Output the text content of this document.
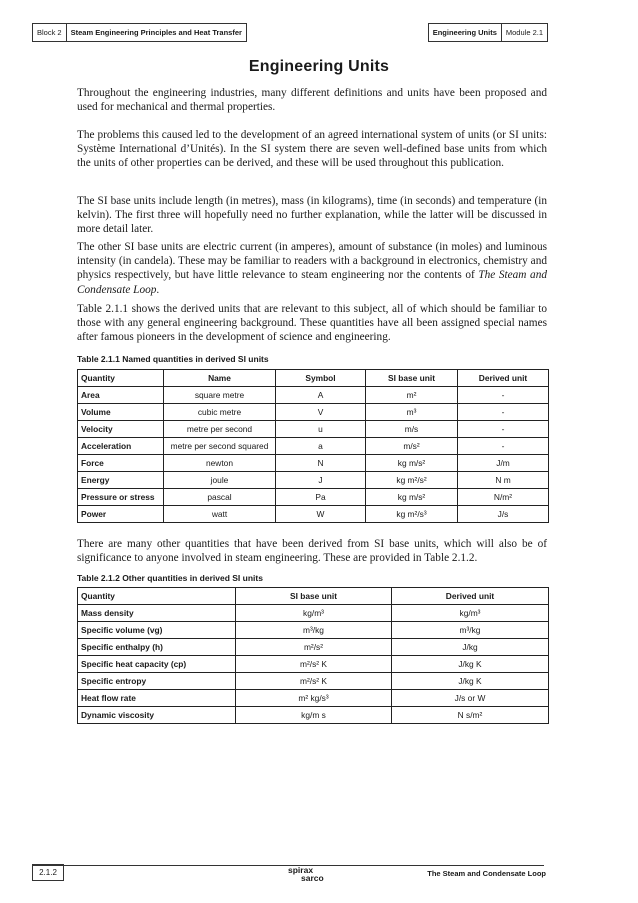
Block 2	Steam Engineering Principles and Heat Transfer	Engineering Units	Module 2.1
Engineering Units

Throughout the engineering industries, many different definitions and units have been proposed and used for mechanical and thermal properties.

The problems this caused led to the development of an agreed international system of units (or SI units: Système International d’Unités). In the SI system there are seven well-defined base units from which the units of other properties can be derived, and these will be used throughout this publication.

The SI base units include length (in metres), mass (in kilograms), time (in seconds) and temperature (in kelvin). The first three will hopefully need no further explanation, while the latter will be discussed in more detail later.

The other SI base units are electric current (in amperes), amount of substance (in moles) and luminous intensity (in candela). These may be familiar to readers with a background in electronics, chemistry and physics respectively, but have little relevance to steam engineering nor the contents of The Steam and Condensate Loop.

Table 2.1.1 shows the derived units that are relevant to this subject, all of which should be familiar to those with any general engineering background. These quantities have all been assigned special names after famous pioneers in the development of science and engineering.

Table 2.1.1 Named quantities in derived SI units
Quantity	Name	Symbol	SI base unit	Derived unit
Area	square metre	A	m²	-
Volume	cubic metre	V	m³	-
Velocity	metre per second	u	m/s	-
Acceleration	metre per second squared	a	m/s²	-
Force	newton	N	kg m/s²	J/m
Energy	joule	J	kg m²/s²	N m
Pressure or stress	pascal	Pa	kg m/s²	N/m²
Power	watt	W	kg m²/s³	J/s

There are many other quantities that have been derived from SI base units, which will also be of significance to anyone involved in steam engineering. These are provided in Table 2.1.2.

Table 2.1.2 Other quantities in derived SI units
Quantity	SI base unit	Derived unit
Mass density	kg/m³	kg/m³
Specific volume (vg)	m³/kg	m³/kg
Specific enthalpy (h)	m²/s²	J/kg
Specific heat capacity (cp)	m²/s² K	J/kg K
Specific entropy	m²/s² K	J/kg K
Heat flow rate	m² kg/s³	J/s or W
Dynamic viscosity	kg/m s	N s/m²
2.1.2	spirax
sarco	The Steam and Condensate Loop
